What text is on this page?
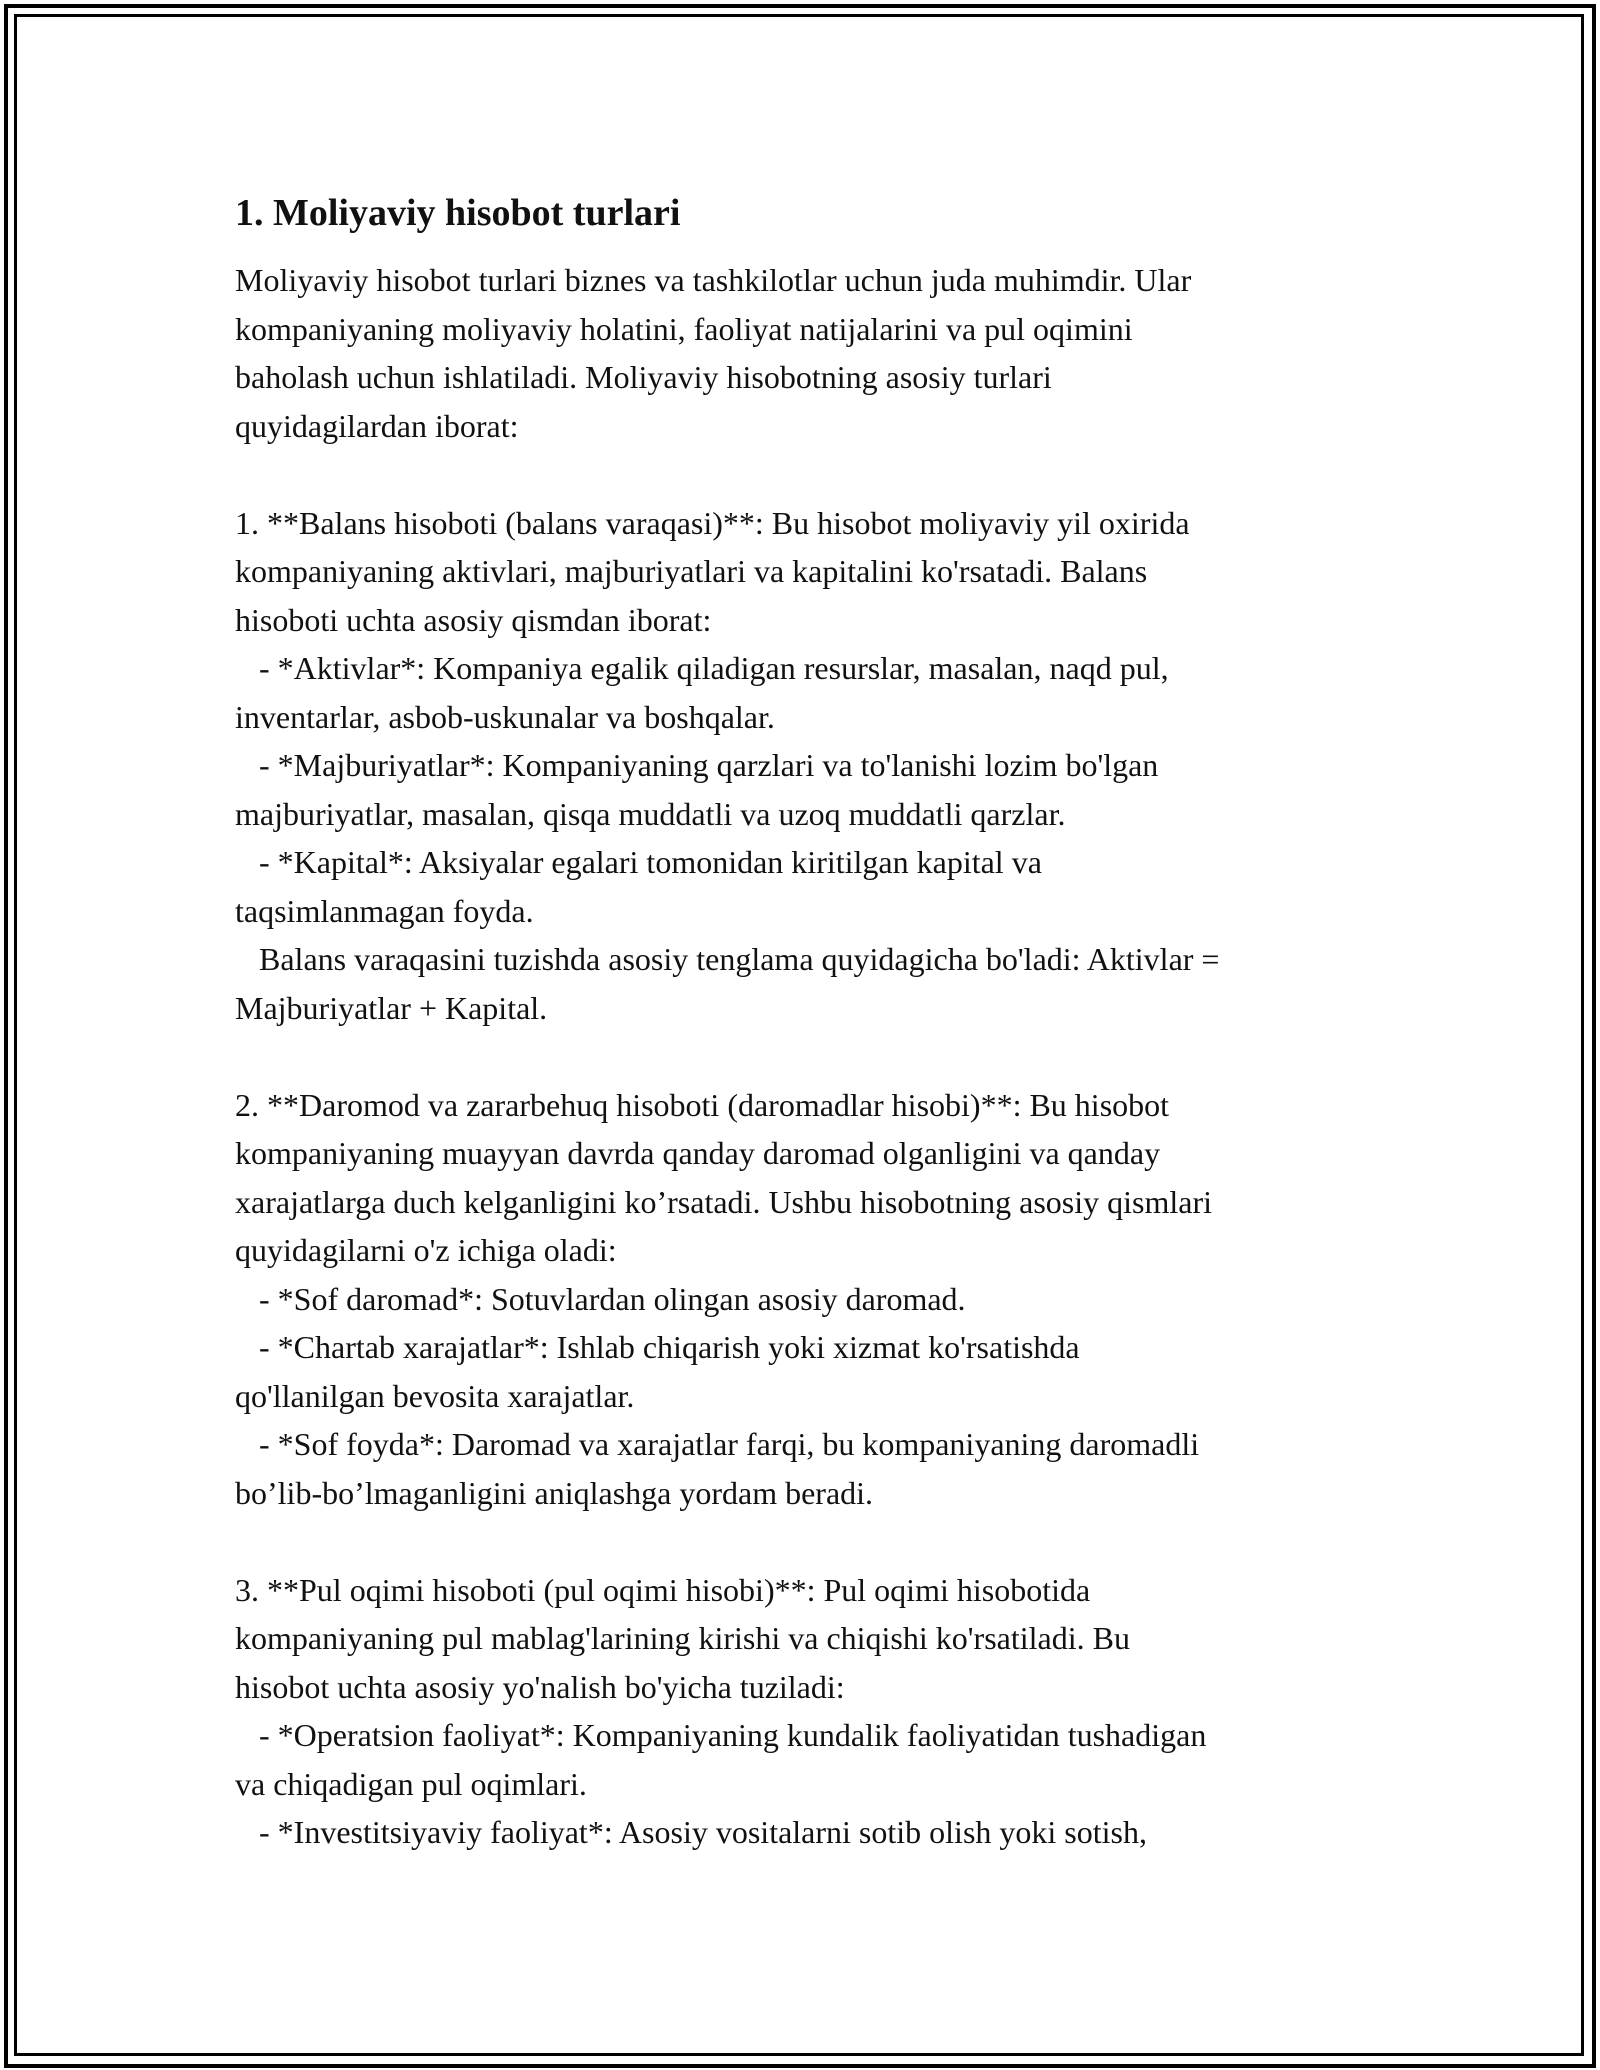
1. Moliyaviy hisobot turlari

Moliyaviy hisobot turlari biznes va tashkilotlar uchun juda muhimdir. Ular

kompaniyaning moliyaviy holatini, faoliyat natijalarini va pul oqimini

baholash uchun ishlatiladi. Moliyaviy hisobotning asosiy turlari

quyidagilardan iborat:

1. **Balans hisoboti (balans varaqasi)**: Bu hisobot moliyaviy yil oxirida

kompaniyaning aktivlari, majburiyatlari va kapitalini ko'rsatadi. Balans

hisoboti uchta asosiy qismdan iborat:

- *Aktivlar*: Kompaniya egalik qiladigan resurslar, masalan, naqd pul,

inventarlar, asbob-uskunalar va boshqalar.

- *Majburiyatlar*: Kompaniyaning qarzlari va to'lanishi lozim bo'lgan

majburiyatlar, masalan, qisqa muddatli va uzoq muddatli qarzlar.

- *Kapital*: Aksiyalar egalari tomonidan kiritilgan kapital va

taqsimlanmagan foyda.

Balans varaqasini tuzishda asosiy tenglama quyidagicha bo'ladi: Aktivlar =

Majburiyatlar + Kapital.

2. **Daromod va zararbehuq hisoboti (daromadlar hisobi)**: Bu hisobot

kompaniyaning muayyan davrda qanday daromad olganligini va qanday

xarajatlarga duch kelganligini ko’rsatadi. Ushbu hisobotning asosiy qismlari

quyidagilarni o'z ichiga oladi:

- *Sof daromad*: Sotuvlardan olingan asosiy daromad.

- *Chartab xarajatlar*: Ishlab chiqarish yoki xizmat ko'rsatishda

qo'llanilgan bevosita xarajatlar.

- *Sof foyda*: Daromad va xarajatlar farqi, bu kompaniyaning daromadli

bo’lib-bo’lmaganligini aniqlashga yordam beradi.

3. **Pul oqimi hisoboti (pul oqimi hisobi)**: Pul oqimi hisobotida

kompaniyaning pul mablag'larining kirishi va chiqishi ko'rsatiladi. Bu

hisobot uchta asosiy yo'nalish bo'yicha tuziladi:

- *Operatsion faoliyat*: Kompaniyaning kundalik faoliyatidan tushadigan

va chiqadigan pul oqimlari.

- *Investitsiyaviy faoliyat*: Asosiy vositalarni sotib olish yoki sotish,
